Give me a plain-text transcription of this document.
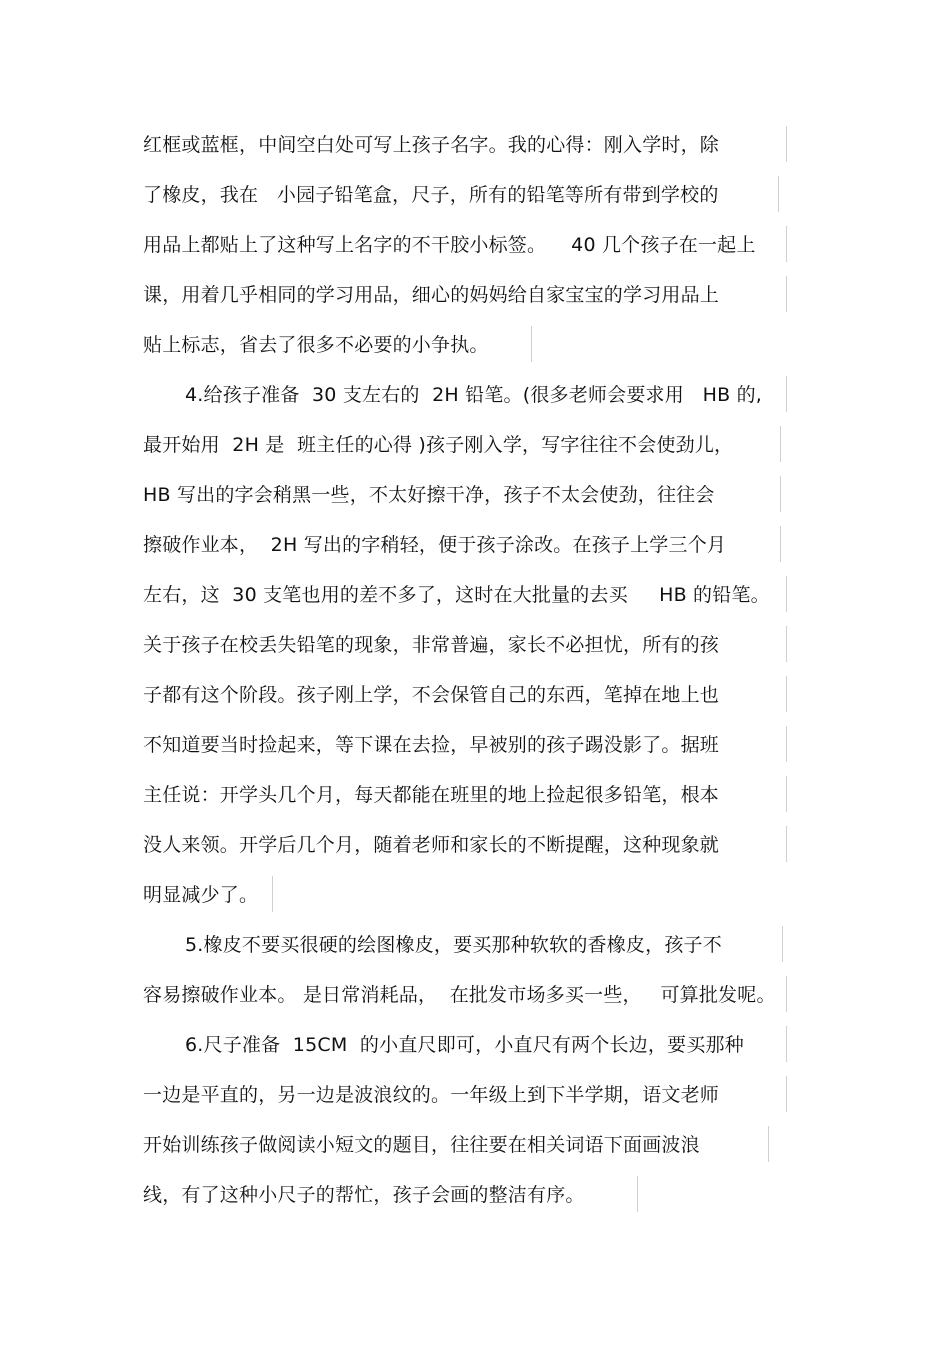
红框或蓝框，中间空白处可写上孩子名字。我的心得：刚入学时，除
了橡皮，我在   小园子铅笔盒，尺子，所有的铅笔等所有带到学校的
用品上都贴上了这种写上名字的不干胶小标签。    40 几个孩子在一起上
课，用着几乎相同的学习用品，细心的妈妈给自家宝宝的学习用品上
贴上标志，省去了很多不必要的小争执。
4.给孩子准备  30 支左右的  2H 铅笔。(很多老师会要求用   HB 的,
最开始用  2H 是  班主任的心得 )孩子刚入学，写字往往不会使劲儿，
HB 写出的字会稍黑一些，不太好擦干净，孩子不太会使劲，往往会
擦破作业本，  2H 写出的字稍轻，便于孩子涂改。在孩子上学三个月
左右，这  30 支笔也用的差不多了，这时在大批量的去买     HB 的铅笔。
关于孩子在校丢失铅笔的现象，非常普遍，家长不必担忧，所有的孩
子都有这个阶段。孩子刚上学，不会保管自己的东西，笔掉在地上也
不知道要当时捡起来，等下课在去捡，早被别的孩子踢没影了。据班
主任说：开学头几个月，每天都能在班里的地上捡起很多铅笔，根本
没人来领。开学后几个月，随着老师和家长的不断提醒，这种现象就
明显减少了。
5.橡皮不要买很硬的绘图橡皮，要买那种软软的香橡皮，孩子不
容易擦破作业本。 是日常消耗品，  在批发市场多买一些，   可算批发呢。
6.尺子准备  15CM  的小直尺即可，小直尺有两个长边，要买那种
一边是平直的，另一边是波浪纹的。一年级上到下半学期，语文老师
开始训练孩子做阅读小短文的题目，往往要在相关词语下面画波浪
线，有了这种小尺子的帮忙，孩子会画的整洁有序。
